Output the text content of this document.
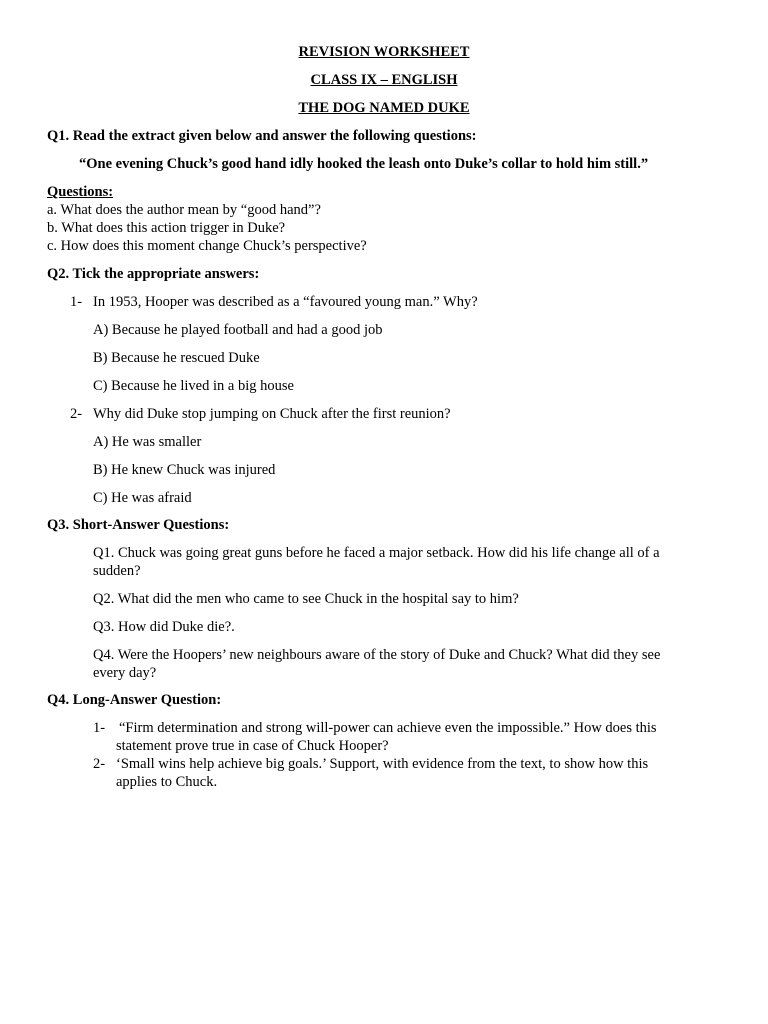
REVISION WORKSHEET
CLASS IX – ENGLISH
THE DOG NAMED DUKE
Q1. Read the extract given below and answer the following questions:
“One evening Chuck’s good hand idly hooked the leash onto Duke’s collar to hold him still.”
Questions:
a. What does the author mean by “good hand”?
b. What does this action trigger in Duke?
c. How does this moment change Chuck’s perspective?
Q2. Tick the appropriate answers:
1- In 1953, Hooper was described as a “favoured young man.” Why?
A) Because he played football and had a good job
B) Because he rescued Duke
C) Because he lived in a big house
2- Why did Duke stop jumping on Chuck after the first reunion?
A) He was smaller
B) He knew Chuck was injured
C) He was afraid
Q3. Short-Answer Questions:
Q1. Chuck was going great guns before he faced a major setback. How did his life change all of a
sudden?
Q2. What did the men who came to see Chuck in the hospital say to him?
Q3. How did Duke die?.
Q4. Were the Hoopers’ new neighbours aware of the story of Duke and Chuck? What did they see
every day?
Q4. Long-Answer Question:
1- “Firm determination and strong will-power can achieve even the impossible.” How does this
statement prove true in case of Chuck Hooper?
2- ‘Small wins help achieve big goals.’ Support, with evidence from the text, to show how this
applies to Chuck.
